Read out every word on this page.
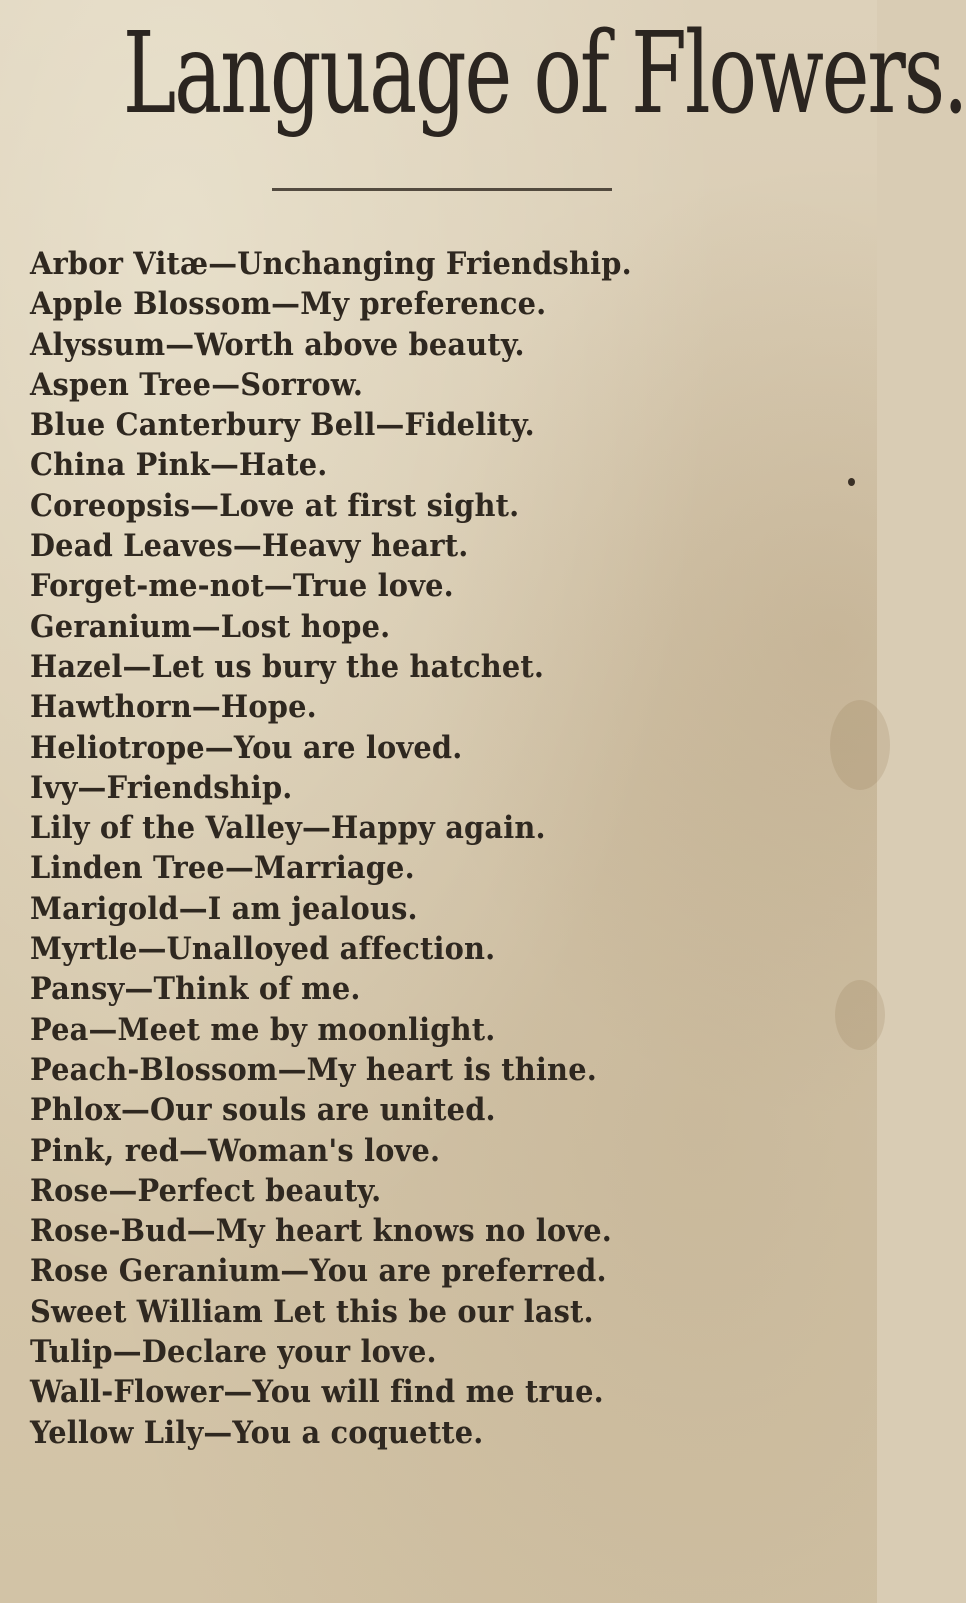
Language of Flowers.
Arbor Vitæ—Unchanging Friendship.
Apple Blossom—My preference.
Alyssum—Worth above beauty.
Aspen Tree—Sorrow.
Blue Canterbury Bell—Fidelity.
China Pink—Hate.
Coreopsis—Love at first sight.
Dead Leaves—Heavy heart.
Forget-me-not—True love.
Geranium—Lost hope.
Hazel—Let us bury the hatchet.
Hawthorn—Hope.
Heliotrope—You are loved.
Ivy—Friendship.
Lily of the Valley—Happy again.
Linden Tree—Marriage.
Marigold—I am jealous.
Myrtle—Unalloyed affection.
Pansy—Think of me.
Pea—Meet me by moonlight.
Peach-Blossom—My heart is thine.
Phlox—Our souls are united.
Pink, red—Woman's love.
Rose—Perfect beauty.
Rose-Bud—My heart knows no love.
Rose Geranium—You are preferred.
Sweet William Let this be our last.
Tulip—Declare your love.
Wall-Flower—You will find me true.
Yellow Lily—You a coquette.
